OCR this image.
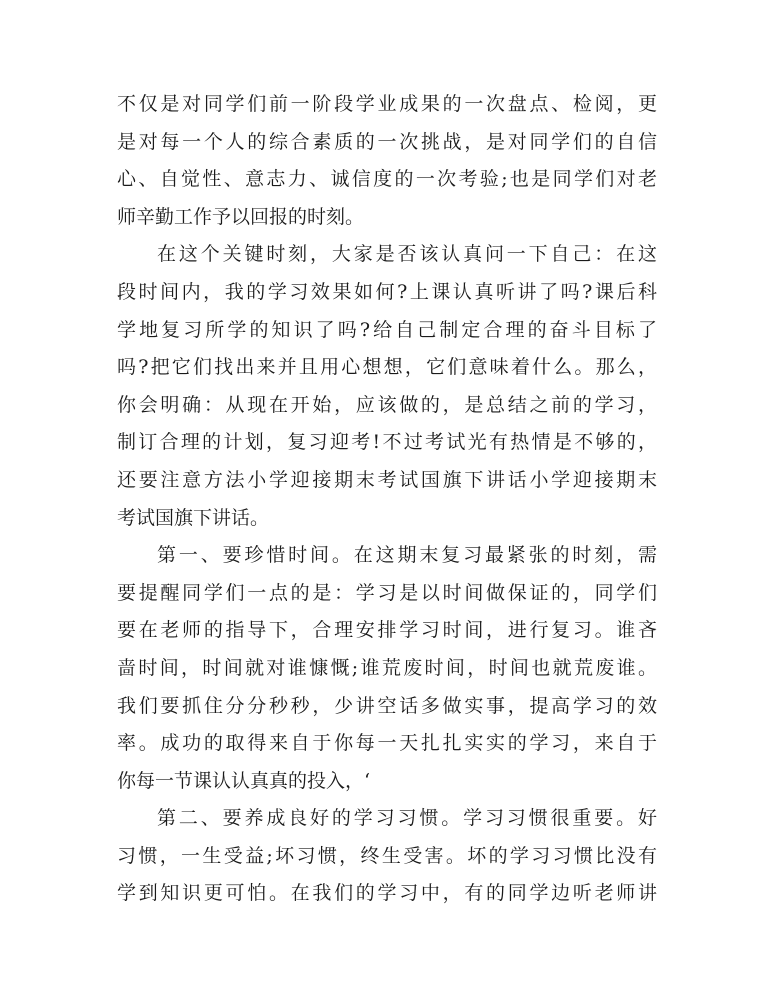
不仅是对同学们前一阶段学业成果的一次盘点、检阅，更
是对每一个人的综合素质的一次挑战，是对同学们的自信
心、自觉性、意志力、诚信度的一次考验;也是同学们对老
师辛勤工作予以回报的时刻。
在这个关键时刻，大家是否该认真问一下自己：在这
段时间内，我的学习效果如何?上课认真听讲了吗?课后科
学地复习所学的知识了吗?给自己制定合理的奋斗目标了
吗?把它们找出来并且用心想想，它们意味着什么。那么，
你会明确：从现在开始，应该做的，是总结之前的学习，
制订合理的计划，复习迎考!不过考试光有热情是不够的，
还要注意方法小学迎接期末考试国旗下讲话小学迎接期末
考试国旗下讲话。
第一、要珍惜时间。在这期末复习最紧张的时刻，需
要提醒同学们一点的是：学习是以时间做保证的，同学们
要在老师的指导下，合理安排学习时间，进行复习。谁吝
啬时间，时间就对谁慷慨;谁荒废时间，时间也就荒废谁。
我们要抓住分分秒秒，少讲空话多做实事，提高学习的效
率。成功的取得来自于你每一天扎扎实实的学习，来自于
你每一节课认认真真的投入，‘
第二、要养成良好的学习习惯。学习习惯很重要。好
习惯，一生受益;坏习惯，终生受害。坏的学习习惯比没有
学到知识更可怕。在我们的学习中，有的同学边听老师讲
